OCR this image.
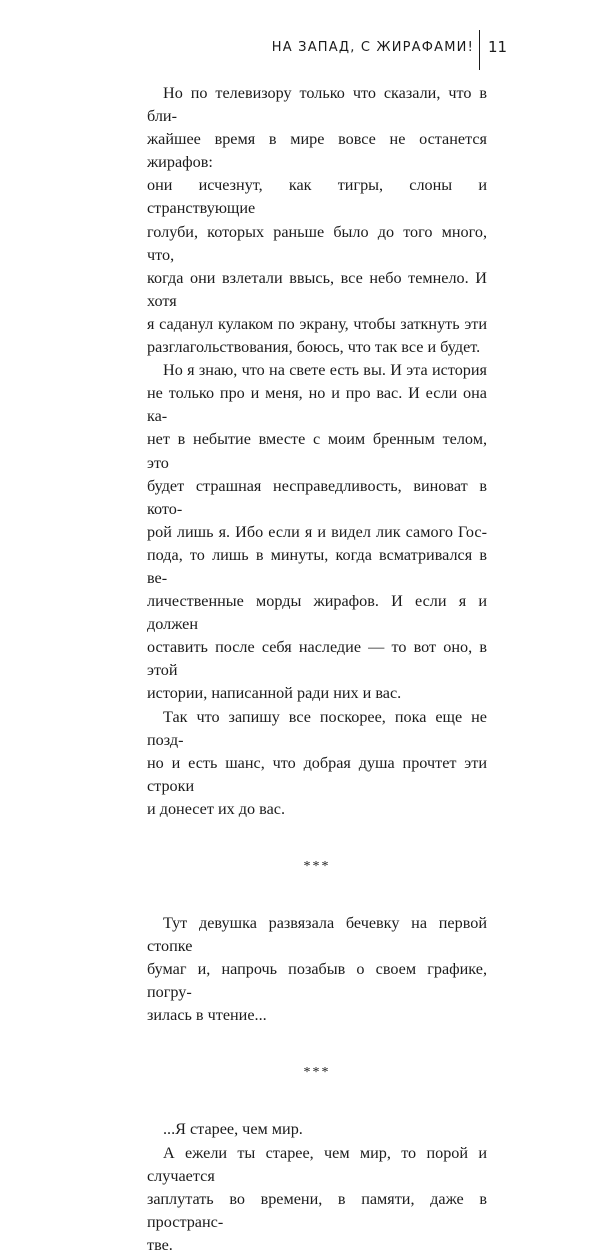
НА ЗАПАД, С ЖИРАФАМИ! 11

Но по телевизору только что сказали, что в бли-
жайшее время в мире вовсе не останется жирафов:
они исчезнут, как тигры, слоны и странствующие
голуби, которых раньше было до того много, что,
когда они взлетали ввысь, все небо темнело. И хотя
я саданул кулаком по экрану, чтобы заткнуть эти
разглагольствования, боюсь, что так все и будет.

Но я знаю, что на свете есть вы. И эта история
не только про и меня, но и про вас. И если она ка-
нет в небытие вместе с моим бренным телом, это
будет страшная несправедливость, виноват в кото-
рой лишь я. Ибо если я и видел лик самого Гос-
пода, то лишь в минуты, когда всматривался в ве-
личественные морды жирафов. И если я и должен
оставить после себя наследие — то вот оно, в этой
истории, написанной ради них и вас.

Так что запишу все поскорее, пока еще не позд-
но и есть шанс, что добрая душа прочтет эти строки
и донесет их до вас.

***

Тут девушка развязала бечевку на первой стопке
бумаг и, напрочь позабыв о своем графике, погру-
зилась в чтение...

***

...Я старее, чем мир.

А ежели ты старее, чем мир, то порой и случается
заплутать во времени, в памяти, даже в пространс-
тве.
